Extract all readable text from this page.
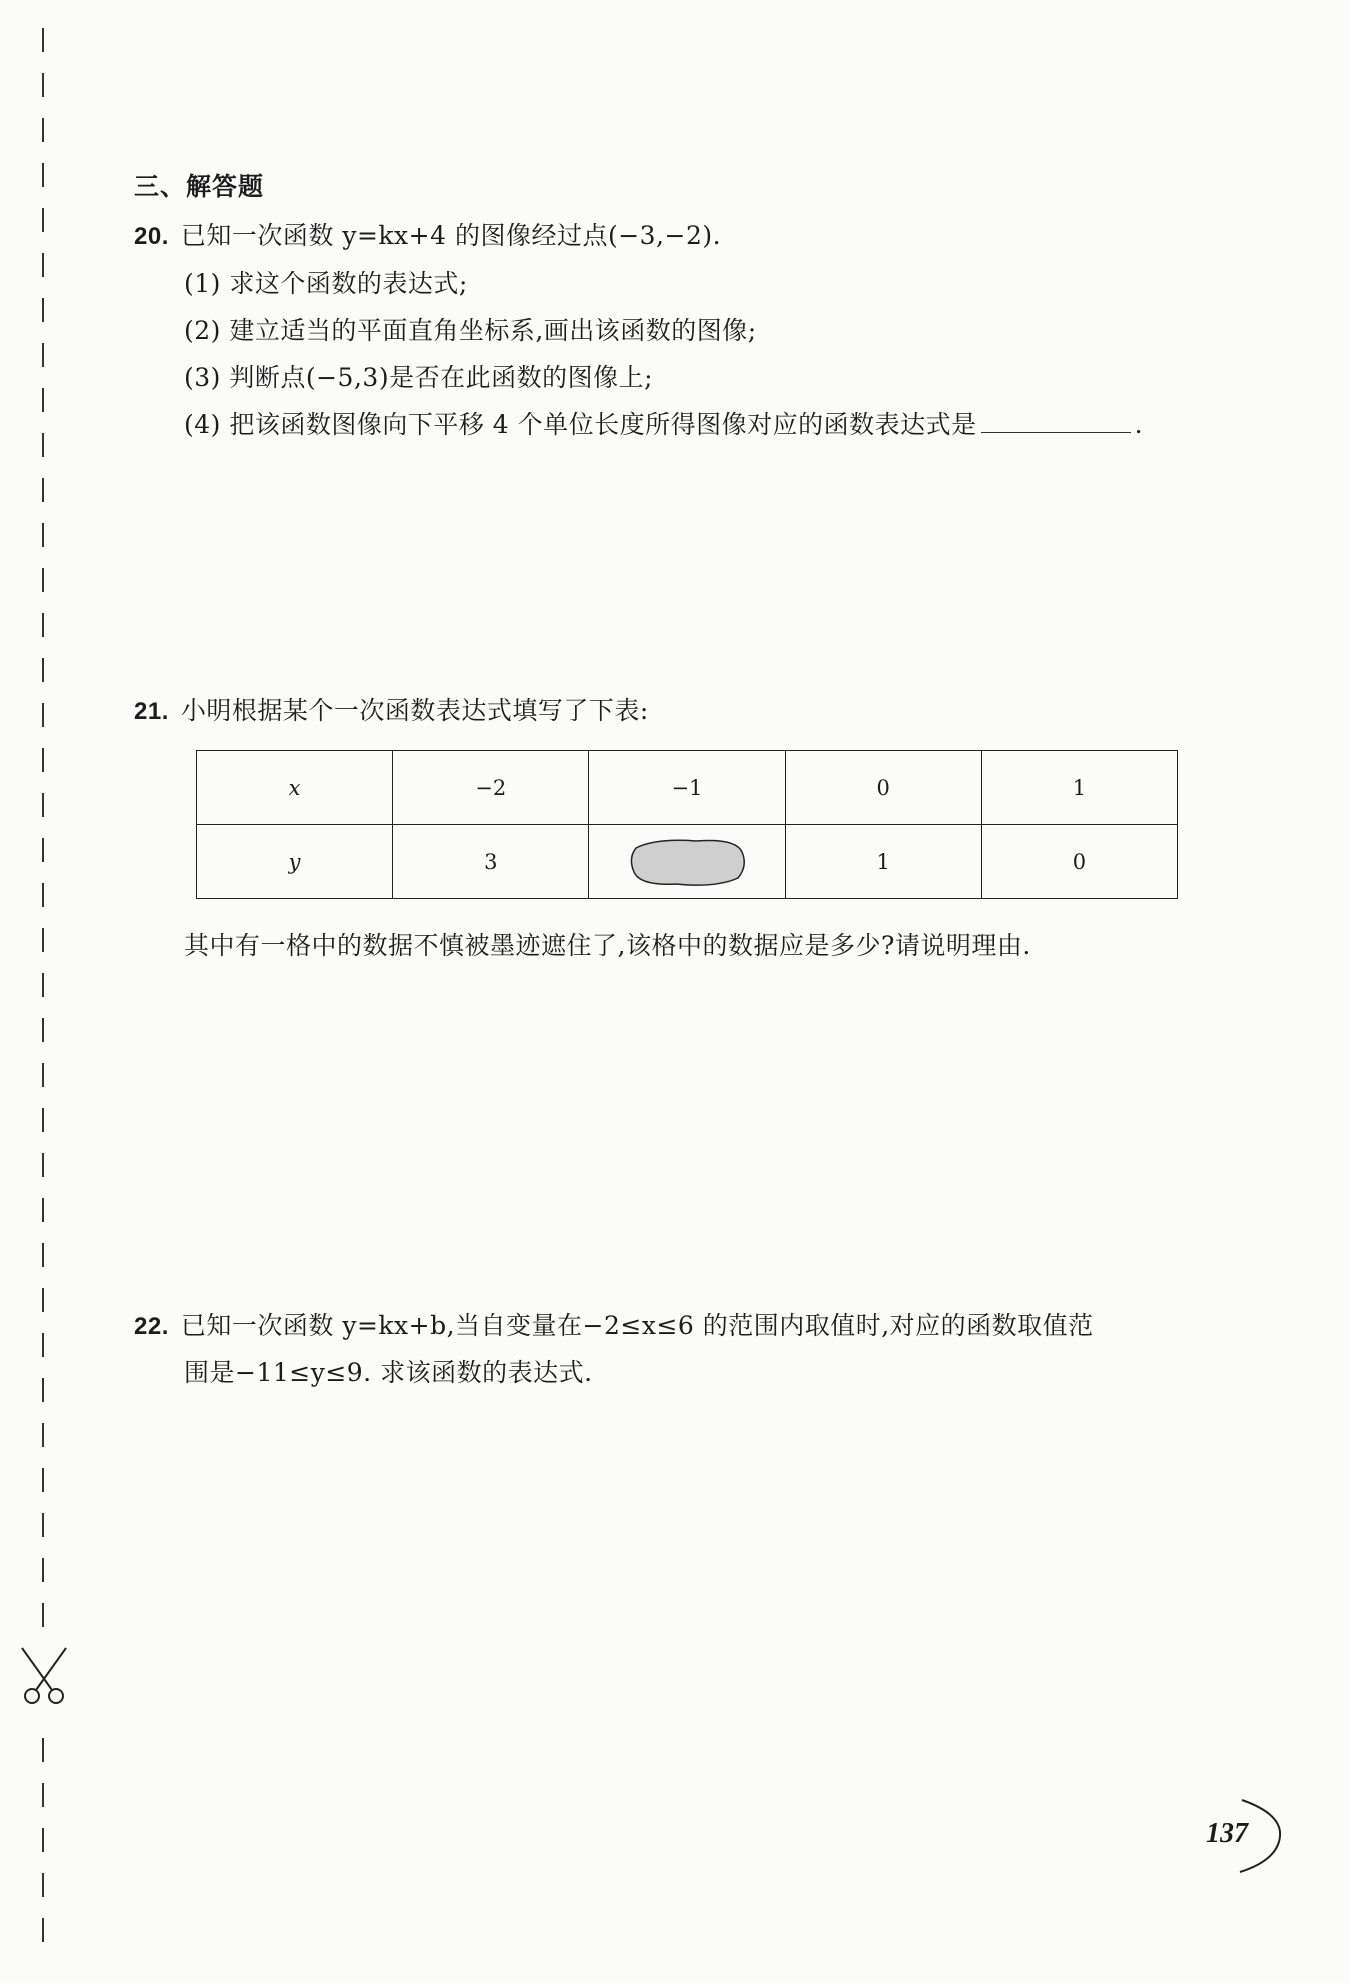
三、解答题
20. 已知一次函数 y=kx+4 的图像经过点(−3,−2).
(1) 求这个函数的表达式;
(2) 建立适当的平面直角坐标系,画出该函数的图像;
(3) 判断点(−5,3)是否在此函数的图像上;
(4) 把该函数图像向下平移 4 个单位长度所得图像对应的函数表达式是	.
21. 小明根据某个一次函数表达式填写了下表:
x	−2	−1	0	1
y	3		1	0
其中有一格中的数据不慎被墨迹遮住了,该格中的数据应是多少?请说明理由.
22. 已知一次函数 y=kx+b,当自变量在−2≤x≤6 的范围内取值时,对应的函数取值范
围是−11≤y≤9. 求该函数的表达式.
137
